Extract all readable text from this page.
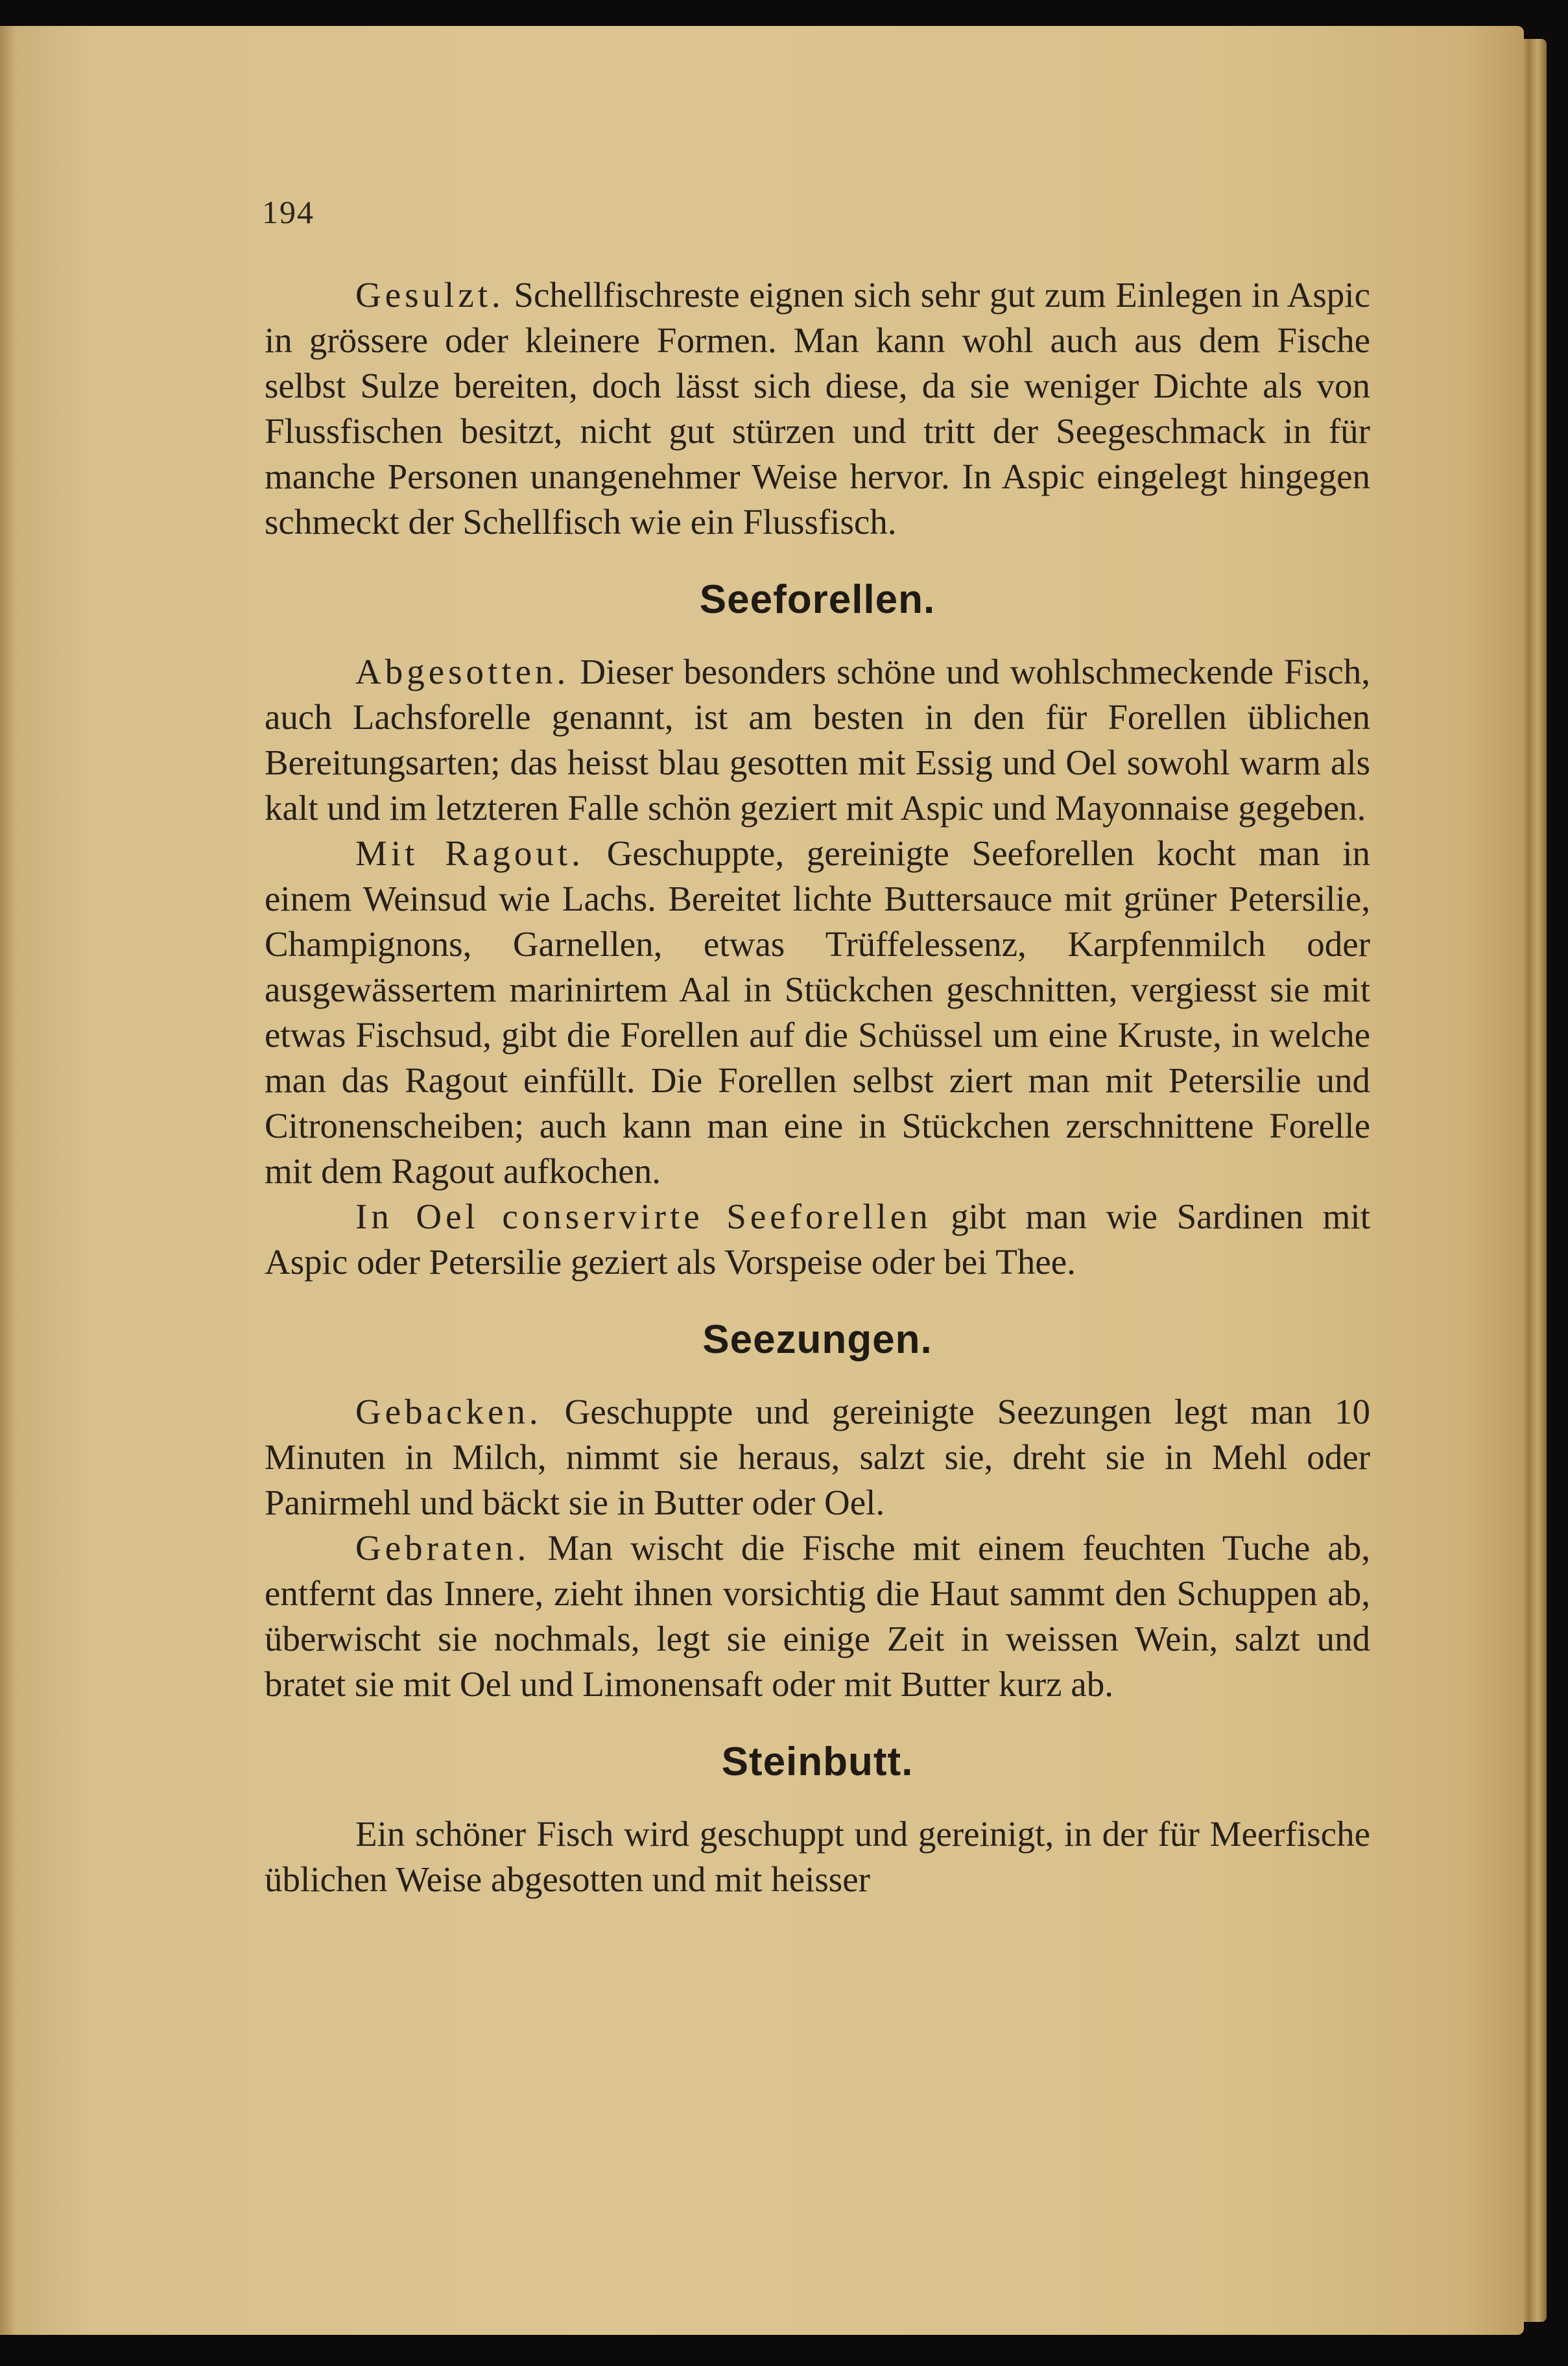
194

Gesulzt. Schellfischreste eignen sich sehr gut zum Einlegen in Aspic in grössere oder kleinere Formen. Man kann wohl auch aus dem Fische selbst Sulze bereiten, doch lässt sich diese, da sie weniger Dichte als von Flussfischen besitzt, nicht gut stürzen und tritt der Seegeschmack in für manche Personen unangenehmer Weise hervor. In Aspic eingelegt hingegen schmeckt der Schellfisch wie ein Flussfisch.

Seeforellen.

Abgesotten. Dieser besonders schöne und wohlschmeckende Fisch, auch Lachsforelle genannt, ist am besten in den für Forellen üblichen Bereitungsarten; das heisst blau gesotten mit Essig und Oel sowohl warm als kalt und im letzteren Falle schön geziert mit Aspic und Mayonnaise gegeben.

Mit Ragout. Geschuppte, gereinigte Seeforellen kocht man in einem Weinsud wie Lachs. Bereitet lichte Buttersauce mit grüner Petersilie, Champignons, Garnellen, etwas Trüffelessenz, Karpfenmilch oder ausgewässertem marinirtem Aal in Stückchen geschnitten, vergiesst sie mit etwas Fischsud, gibt die Forellen auf die Schüssel um eine Kruste, in welche man das Ragout einfüllt. Die Forellen selbst ziert man mit Petersilie und Citronenscheiben; auch kann man eine in Stückchen zerschnittene Forelle mit dem Ragout aufkochen.

In Oel conservirte Seeforellen gibt man wie Sardinen mit Aspic oder Petersilie geziert als Vorspeise oder bei Thee.

Seezungen.

Gebacken. Geschuppte und gereinigte Seezungen legt man 10 Minuten in Milch, nimmt sie heraus, salzt sie, dreht sie in Mehl oder Panirmehl und bäckt sie in Butter oder Oel.

Gebraten. Man wischt die Fische mit einem feuchten Tuche ab, entfernt das Innere, zieht ihnen vorsichtig die Haut sammt den Schuppen ab, überwischt sie nochmals, legt sie einige Zeit in weissen Wein, salzt und bratet sie mit Oel und Limonensaft oder mit Butter kurz ab.

Steinbutt.

Ein schöner Fisch wird geschuppt und gereinigt, in der für Meerfische üblichen Weise abgesotten und mit heisser
